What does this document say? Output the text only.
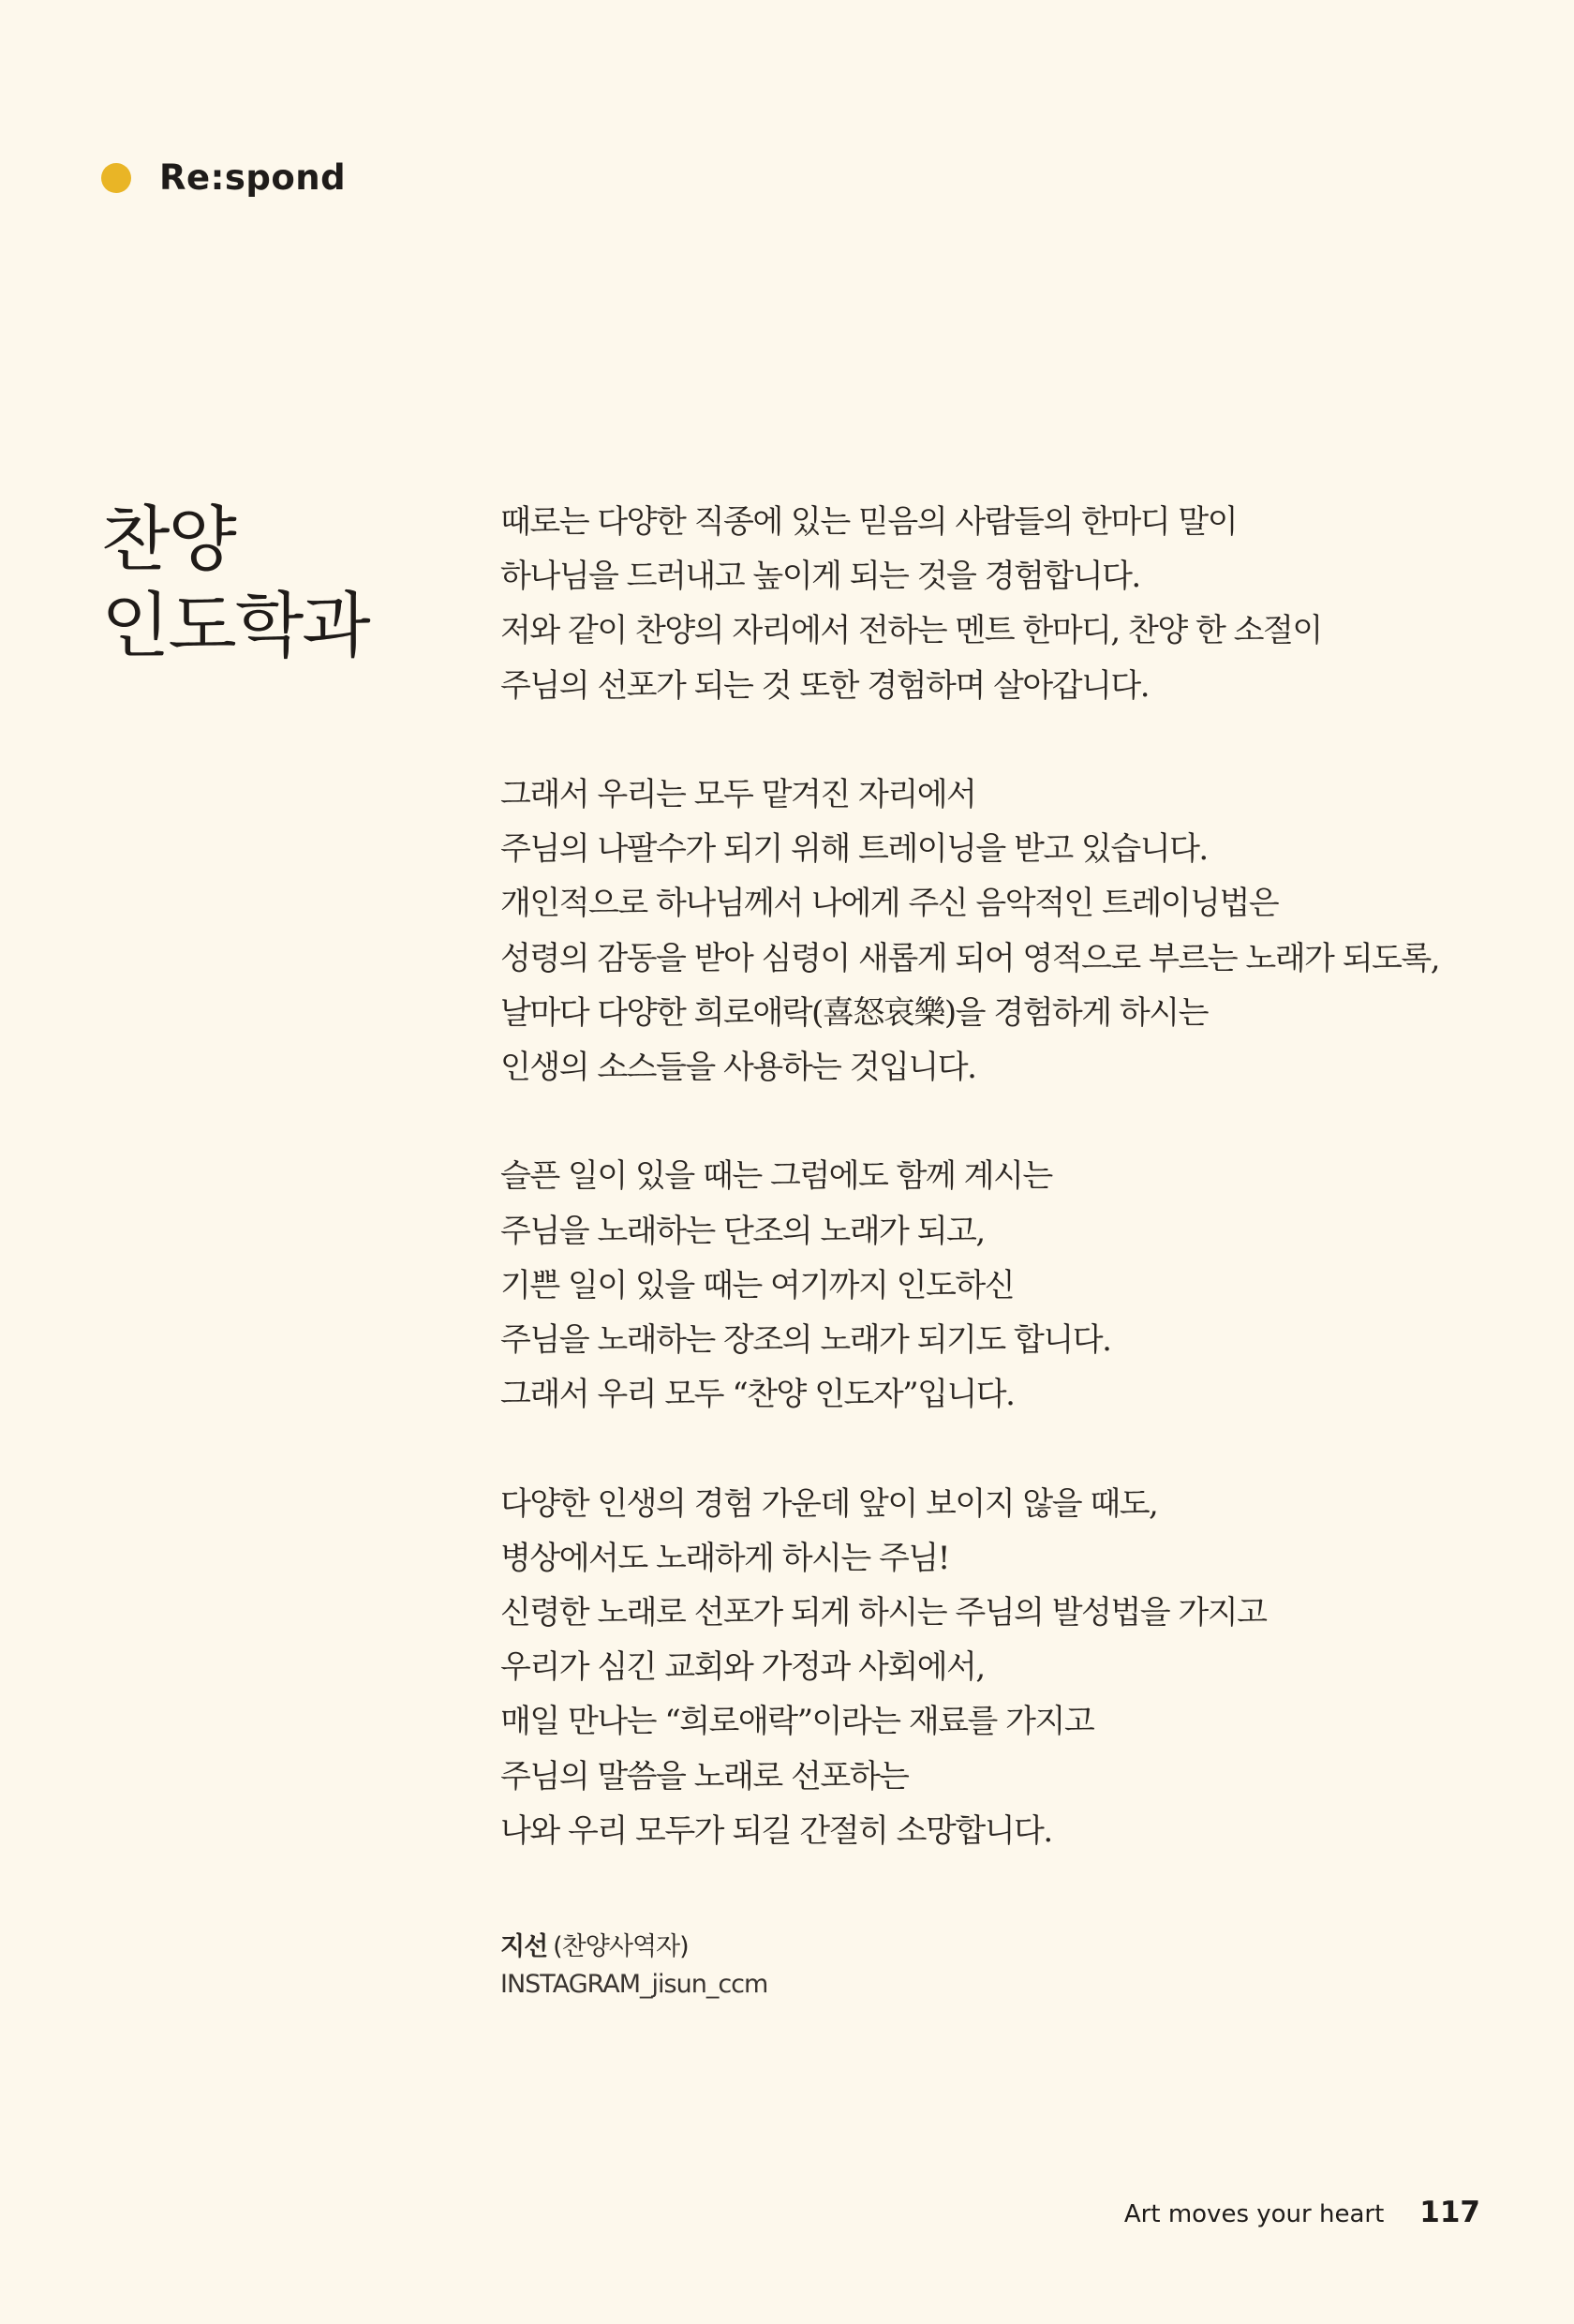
Re:spond
찬양
인도학과

때로는 다양한 직종에 있는 믿음의 사람들의 한마디 말이
하나님을 드러내고 높이게 되는 것을 경험합니다.
저와 같이 찬양의 자리에서 전하는 멘트 한마디, 찬양 한 소절이
주님의 선포가 되는 것 또한 경험하며 살아갑니다.

그래서 우리는 모두 맡겨진 자리에서
주님의 나팔수가 되기 위해 트레이닝을 받고 있습니다.
개인적으로 하나님께서 나에게 주신 음악적인 트레이닝법은
성령의 감동을 받아 심령이 새롭게 되어 영적으로 부르는 노래가 되도록,
날마다 다양한 희로애락(喜怒哀樂)을 경험하게 하시는
인생의 소스들을 사용하는 것입니다.

슬픈 일이 있을 때는 그럼에도 함께 계시는
주님을 노래하는 단조의 노래가 되고,
기쁜 일이 있을 때는 여기까지 인도하신
주님을 노래하는 장조의 노래가 되기도 합니다.
그래서 우리 모두 “찬양 인도자”입니다.

다양한 인생의 경험 가운데 앞이 보이지 않을 때도,
병상에서도 노래하게 하시는 주님!
신령한 노래로 선포가 되게 하시는 주님의 발성법을 가지고
우리가 심긴 교회와 가정과 사회에서,
매일 만나는 “희로애락”이라는 재료를 가지고
주님의 말씀을 노래로 선포하는
나와 우리 모두가 되길 간절히 소망합니다.

지선 (찬양사역자)
INSTAGRAM_jisun_ccm
Art moves your heart 117
